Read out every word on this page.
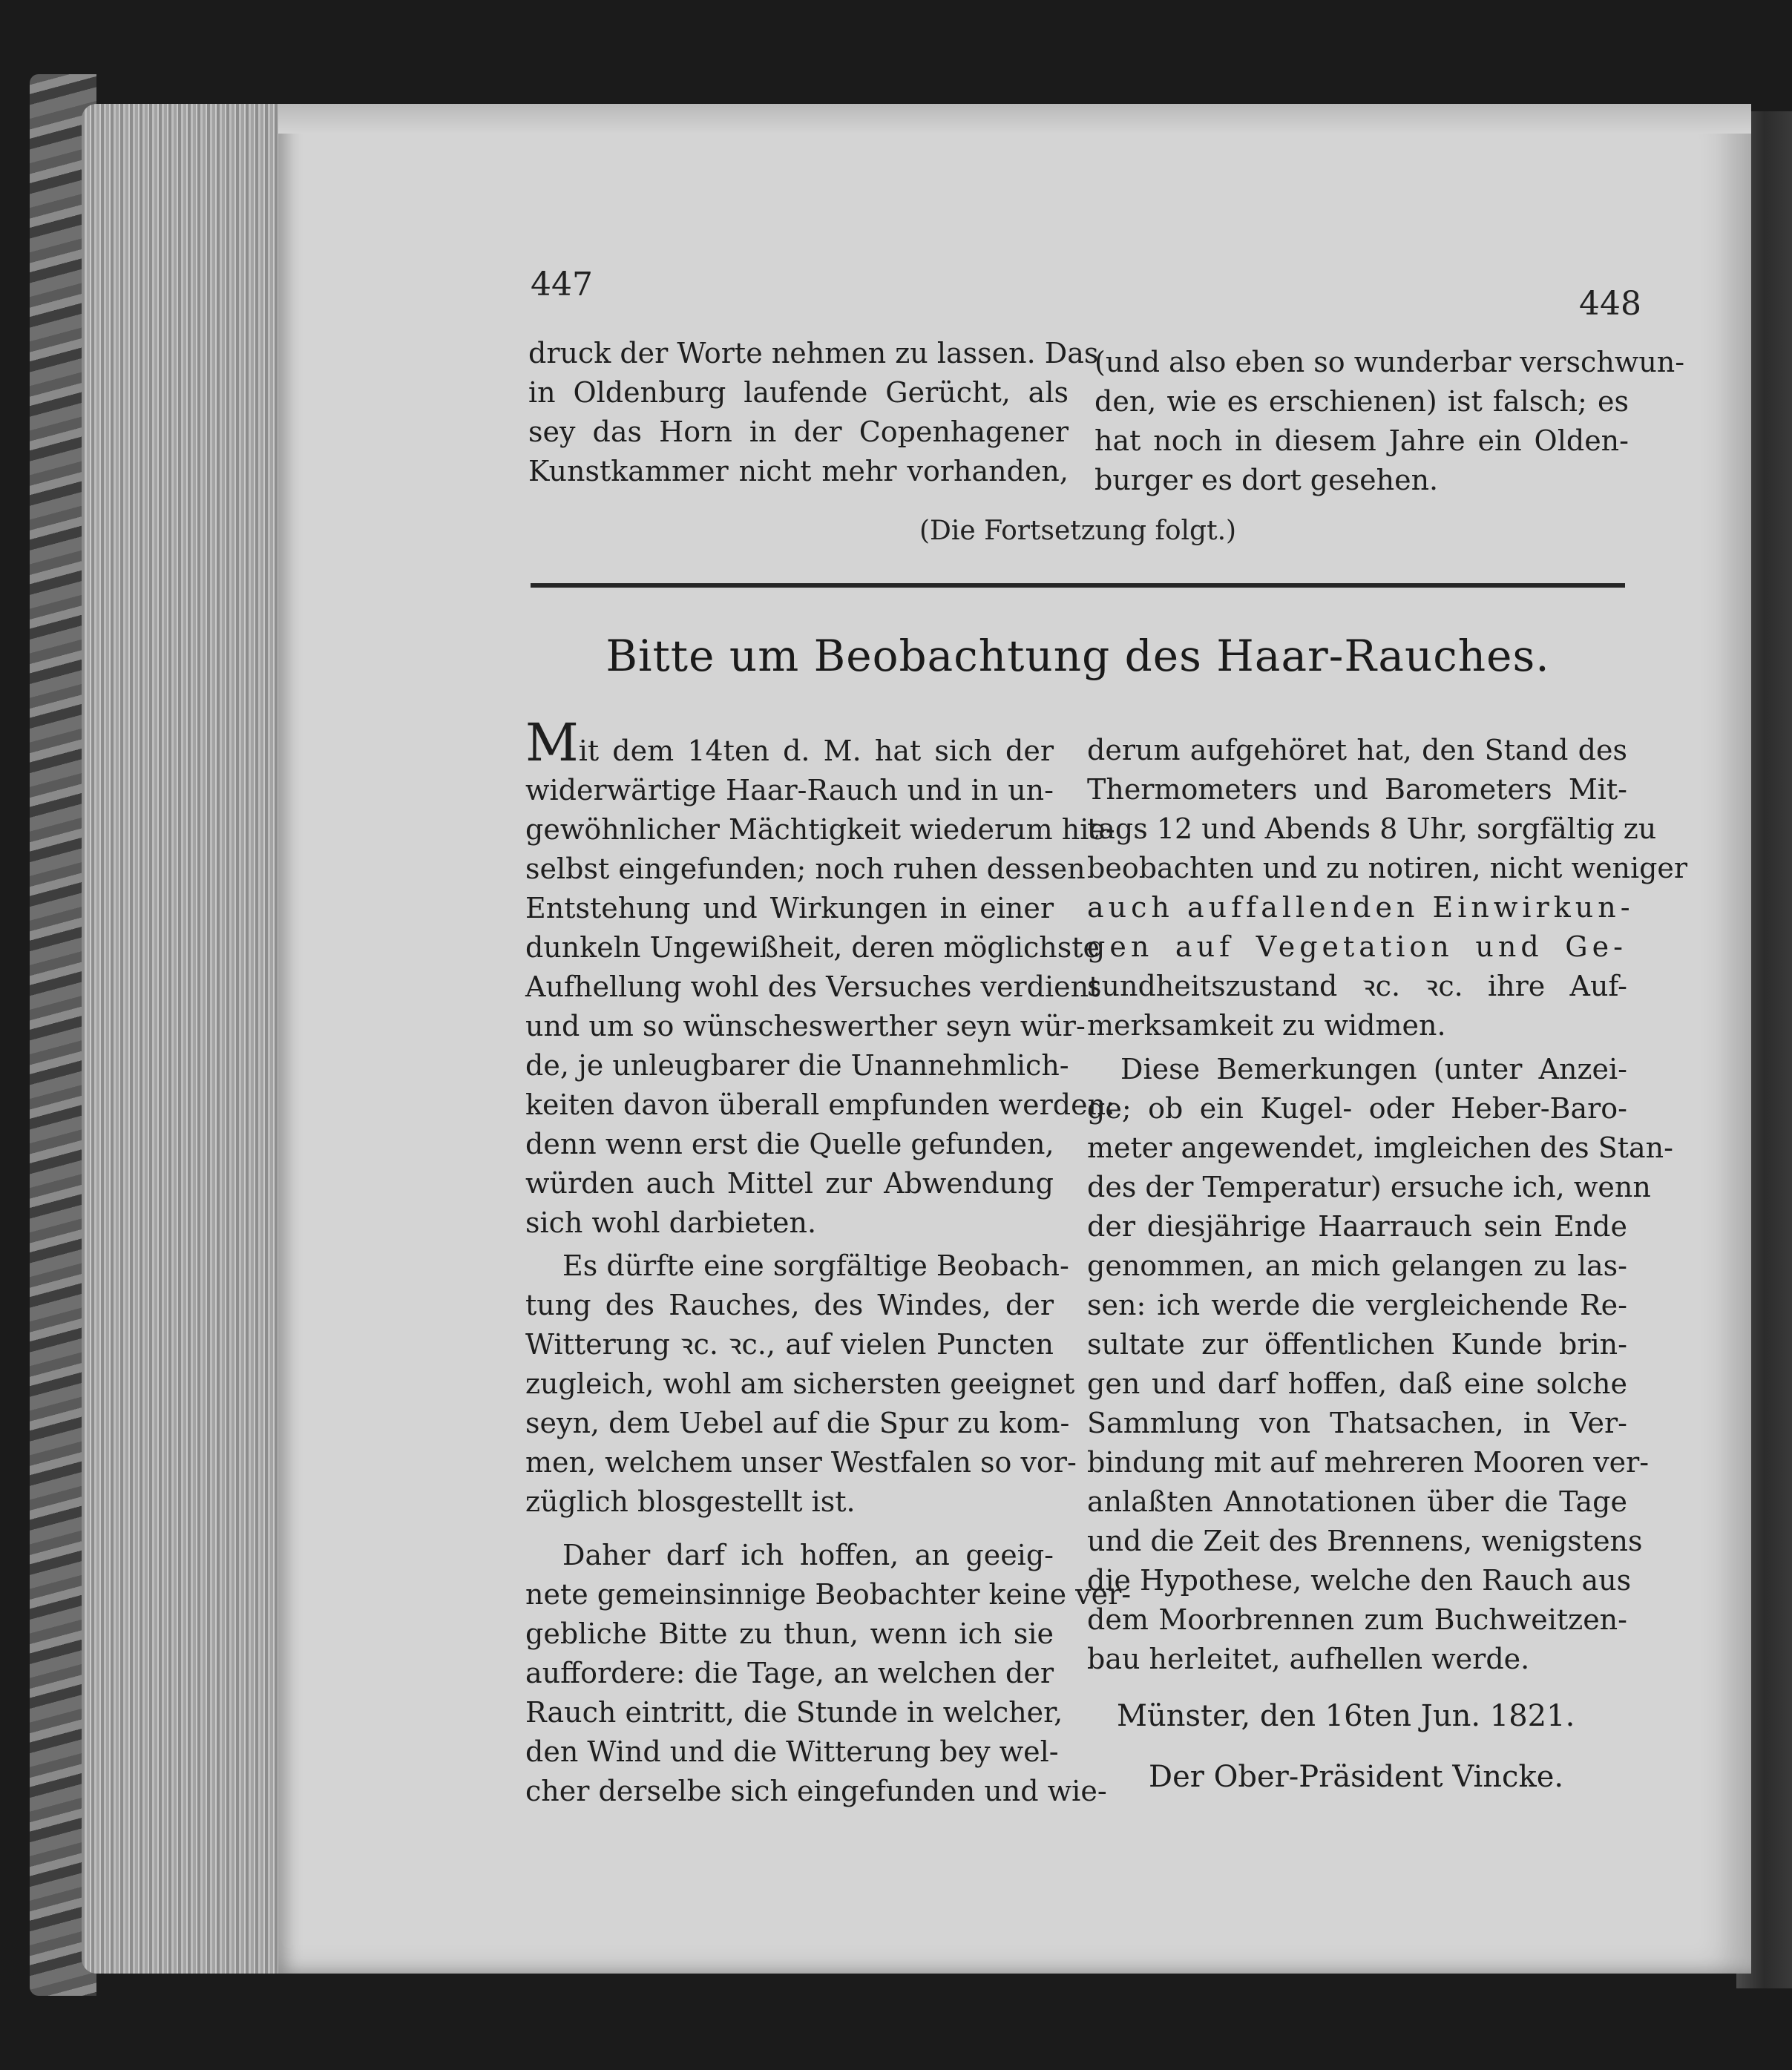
447
448
druck der Worte nehmen zu lassen. Das
in Oldenburg laufende Gerücht, als
sey das Horn in der Copenhagener
Kunstkammer nicht mehr vorhanden,
(und also eben so wunderbar verschwun-
den, wie es erschienen) ist falsch; es
hat noch in diesem Jahre ein Olden-
burger es dort gesehen.
(Die Fortsetzung folgt.)
Bitte um Beobachtung des Haar-Rauches.
Mit dem 14ten d. M. hat sich der
widerwärtige Haar-Rauch und in un-
gewöhnlicher Mächtigkeit wiederum hie-
selbst eingefunden; noch ruhen dessen
Entstehung und Wirkungen in einer
dunkeln Ungewißheit, deren möglichste
Aufhellung wohl des Versuches verdient
und um so wünscheswerther seyn wür-
de, je unleugbarer die Unannehmlich-
keiten davon überall empfunden werden:
denn wenn erst die Quelle gefunden,
würden auch Mittel zur Abwendung
sich wohl darbieten.
Es dürfte eine sorgfältige Beobach-
tung des Rauches, des Windes, der
Witterung ꝛc. ꝛc., auf vielen Puncten
zugleich, wohl am sichersten geeignet
seyn, dem Uebel auf die Spur zu kom-
men, welchem unser Westfalen so vor-
züglich blosgestellt ist.
Daher darf ich hoffen, an geeig-
nete gemeinsinnige Beobachter keine ver-
gebliche Bitte zu thun, wenn ich sie
auffordere: die Tage, an welchen der
Rauch eintritt, die Stunde in welcher,
den Wind und die Witterung bey wel-
cher derselbe sich eingefunden und wie-
derum aufgehöret hat, den Stand des
Thermometers und Barometers Mit-
tags 12 und Abends 8 Uhr, sorgfältig zu
beobachten und zu notiren, nicht weniger
auch auffallenden Einwirkun-
gen auf Vegetation und Ge-
sundheitszustand ꝛc. ꝛc. ihre Auf-
merksamkeit zu widmen.
Diese Bemerkungen (unter Anzei-
ge; ob ein Kugel- oder Heber-Baro-
meter angewendet, imgleichen des Stan-
des der Temperatur) ersuche ich, wenn
der diesjährige Haarrauch sein Ende
genommen, an mich gelangen zu las-
sen: ich werde die vergleichende Re-
sultate zur öffentlichen Kunde brin-
gen und darf hoffen, daß eine solche
Sammlung von Thatsachen, in Ver-
bindung mit auf mehreren Mooren ver-
anlaßten Annotationen über die Tage
und die Zeit des Brennens, wenigstens
die Hypothese, welche den Rauch aus
dem Moorbrennen zum Buchweitzen-
bau herleitet, aufhellen werde.
Münster, den 16ten Jun. 1821.
Der Ober-Präsident Vincke.
